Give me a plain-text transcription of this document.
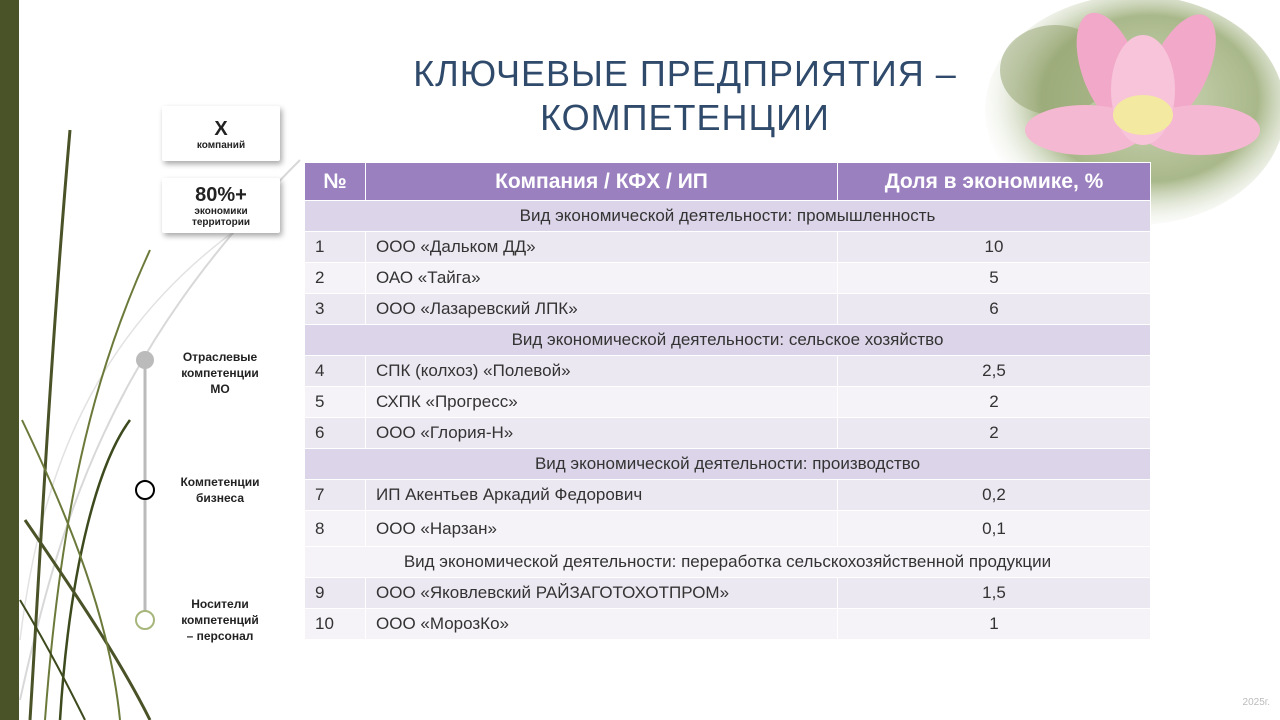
КЛЮЧЕВЫЕ ПРЕДПРИЯТИЯ –
КОМПЕТЕНЦИИ
Х
компаний
80%+
экономики
территории
Отраслевые
компетенции
МО
Компетенции
бизнеса
Носители
компетенций
– персонал
№	Компания / КФХ / ИП	Доля в экономике, %
Вид экономической деятельности: промышленность		
1	ООО «Дальком ДД»	10
2	ОАО «Тайга»	5
3	ООО «Лазаревский ЛПК»	6
Вид экономической деятельности: сельское хозяйство		
4	СПК (колхоз) «Полевой»	2,5
5	СХПК «Прогресс»	2
6	ООО «Глория-Н»	2
Вид экономической деятельности: производство		
7	ИП Акентьев Аркадий Федорович	0,2
8	ООО «Нарзан»	0,1
Вид экономической деятельности: переработка сельскохозяйственной продукции		
9	ООО «Яковлевский РАЙЗАГОТОХОТПРОМ»	1,5
10	ООО «МорозКо»	1
2025г.
